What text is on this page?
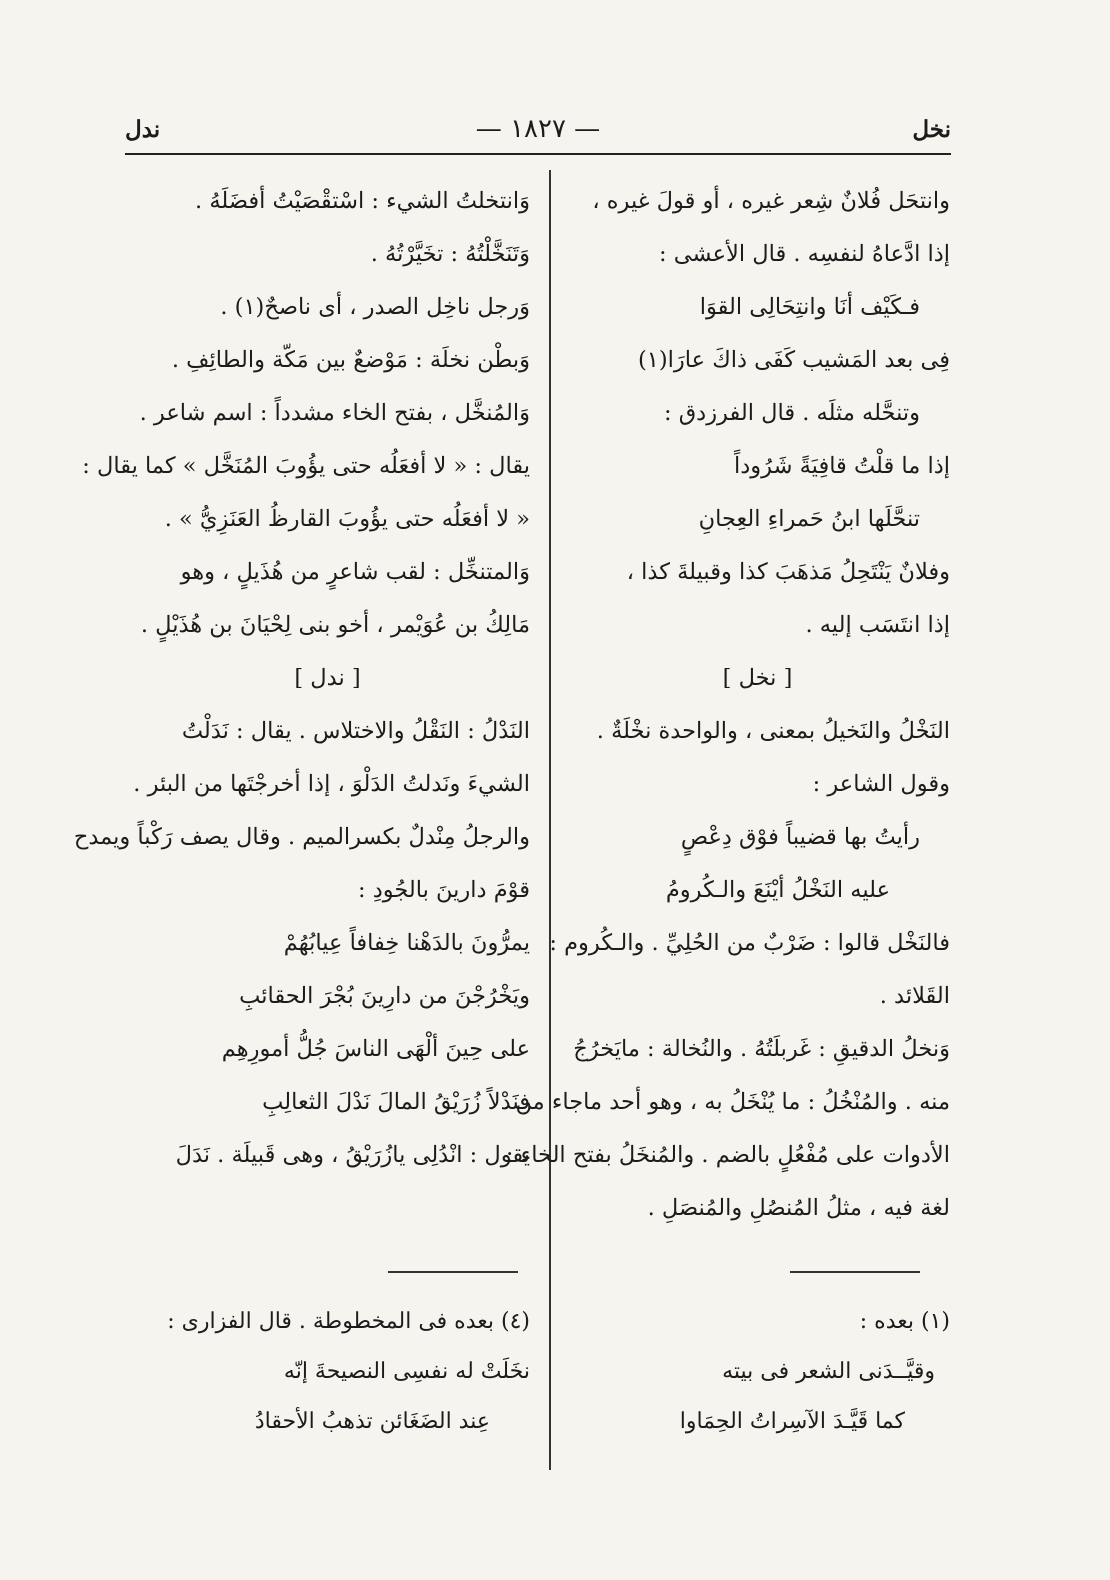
نخل
— ١٨٢٧ —
ندل
وانتحَل فُلانٌ شِعر غيره ، أو قولَ غيره ،
إذا ادَّعاهُ لنفسِه . قال الأعشى :
فـكَيْف أنَا وانتِحَالِى القوَا
فِى بعد المَشيب كَفَى ذاكَ عارَا(١)
وتنحَّله مثلَه . قال الفرزدق :
إذا ما قلْتُ قافِيَةً شَرُوداً
تنحَّلَها ابنُ حَمراءِ العِجانِ
وفلانٌ يَنْتَحِلُ مَذهَبَ كذا وقبيلةَ كذا ،
إذا انتَسَب إليه .
[ نخل ]
النَخْلُ والنَخيلُ بمعنى ، والواحدة نخْلَةٌ .
وقول الشاعر :
رأيتُ بها قضيباً فوْق دِعْصٍ
عليه النَخْلُ أيْنَعَ والـكُرومُ
فالنَخْل قالوا : ضَرْبٌ من الحُلِيِّ . والـكُروم :
القَلائد .
وَنخلُ الدقيقِ : غَربلَتُهُ . والنُخالة : مايَخرُجُ
منه . والمُنْخُلُ : ما يُنْخَلُ به ، وهو أحد ماجاء من
الأدوات على مُفْعُلٍ بالضم . والمُنخَلُ بفتح الخاء :
لغة فيه ، مثلُ المُنصُلِ والمُنصَلِ .
وَانتخلتُ الشيء : اسْتقْصَيْتُ أفضَلَهُ .
وَتَنَخَّلْتُهُ : تخَيَّرْتُهُ .
وَرجل ناخِل الصدر ، أى ناصحٌ(١) .
وَبطْن نخلَة : مَوْضعٌ بين مَكّة والطائِفِ .
وَالمُنخَّل ، بفتح الخاء مشدداً : اسم شاعر .
يقال : « لا أفعَلُه حتى يؤُوبَ المُنَخَّل » كما يقال :
« لا أفعَلُه حتى يؤُوبَ القارظُ العَنَزِيُّ » .
وَالمتنخِّل : لقب شاعرٍ من هُذَيلٍ ، وهو
مَالِكُ بن عُوَيْمر ، أخو بنى لِحْيَانَ بن هُذَيْلٍ .
[ ندل ]
النَدْلُ : النَقْلُ والاختلاس . يقال : نَدَلْتُ
الشيءَ ونَدلتُ الدَلْوَ ، إذا أخرجْتَها من البئر .
والرجلُ مِنْدلٌ بكسرالميم . وقال يصف رَكْباً ويمدح
قوْمَ دارينَ بالجُودِ :
يمرُّونَ بالدَهْنا خِفافاً عِيابُهُمْ
ويَخْرُجْنَ من دارِينَ بُجْرَ الحقائبِ
على حِينَ ألْهَى الناسَ جُلُّ أمورِهِم
فنَدْلاً زُرَيْقُ المالَ نَدْلَ الثعالِبِ
يقول : انْدُلِى يازُرَيْقُ ، وهى قَبيلَة . نَدَلَ
(١) بعده :
وقيَّــدَنى الشعر فى بيته
كما قَيَّـدَ الآسِراتُ الحِمَاوا
(٤) بعده فى المخطوطة . قال الفزارى :
نخَلَتْ له نفسِى النصيحةَ إنّه
عِند الضَغَائن تذهبُ الأحقادُ
